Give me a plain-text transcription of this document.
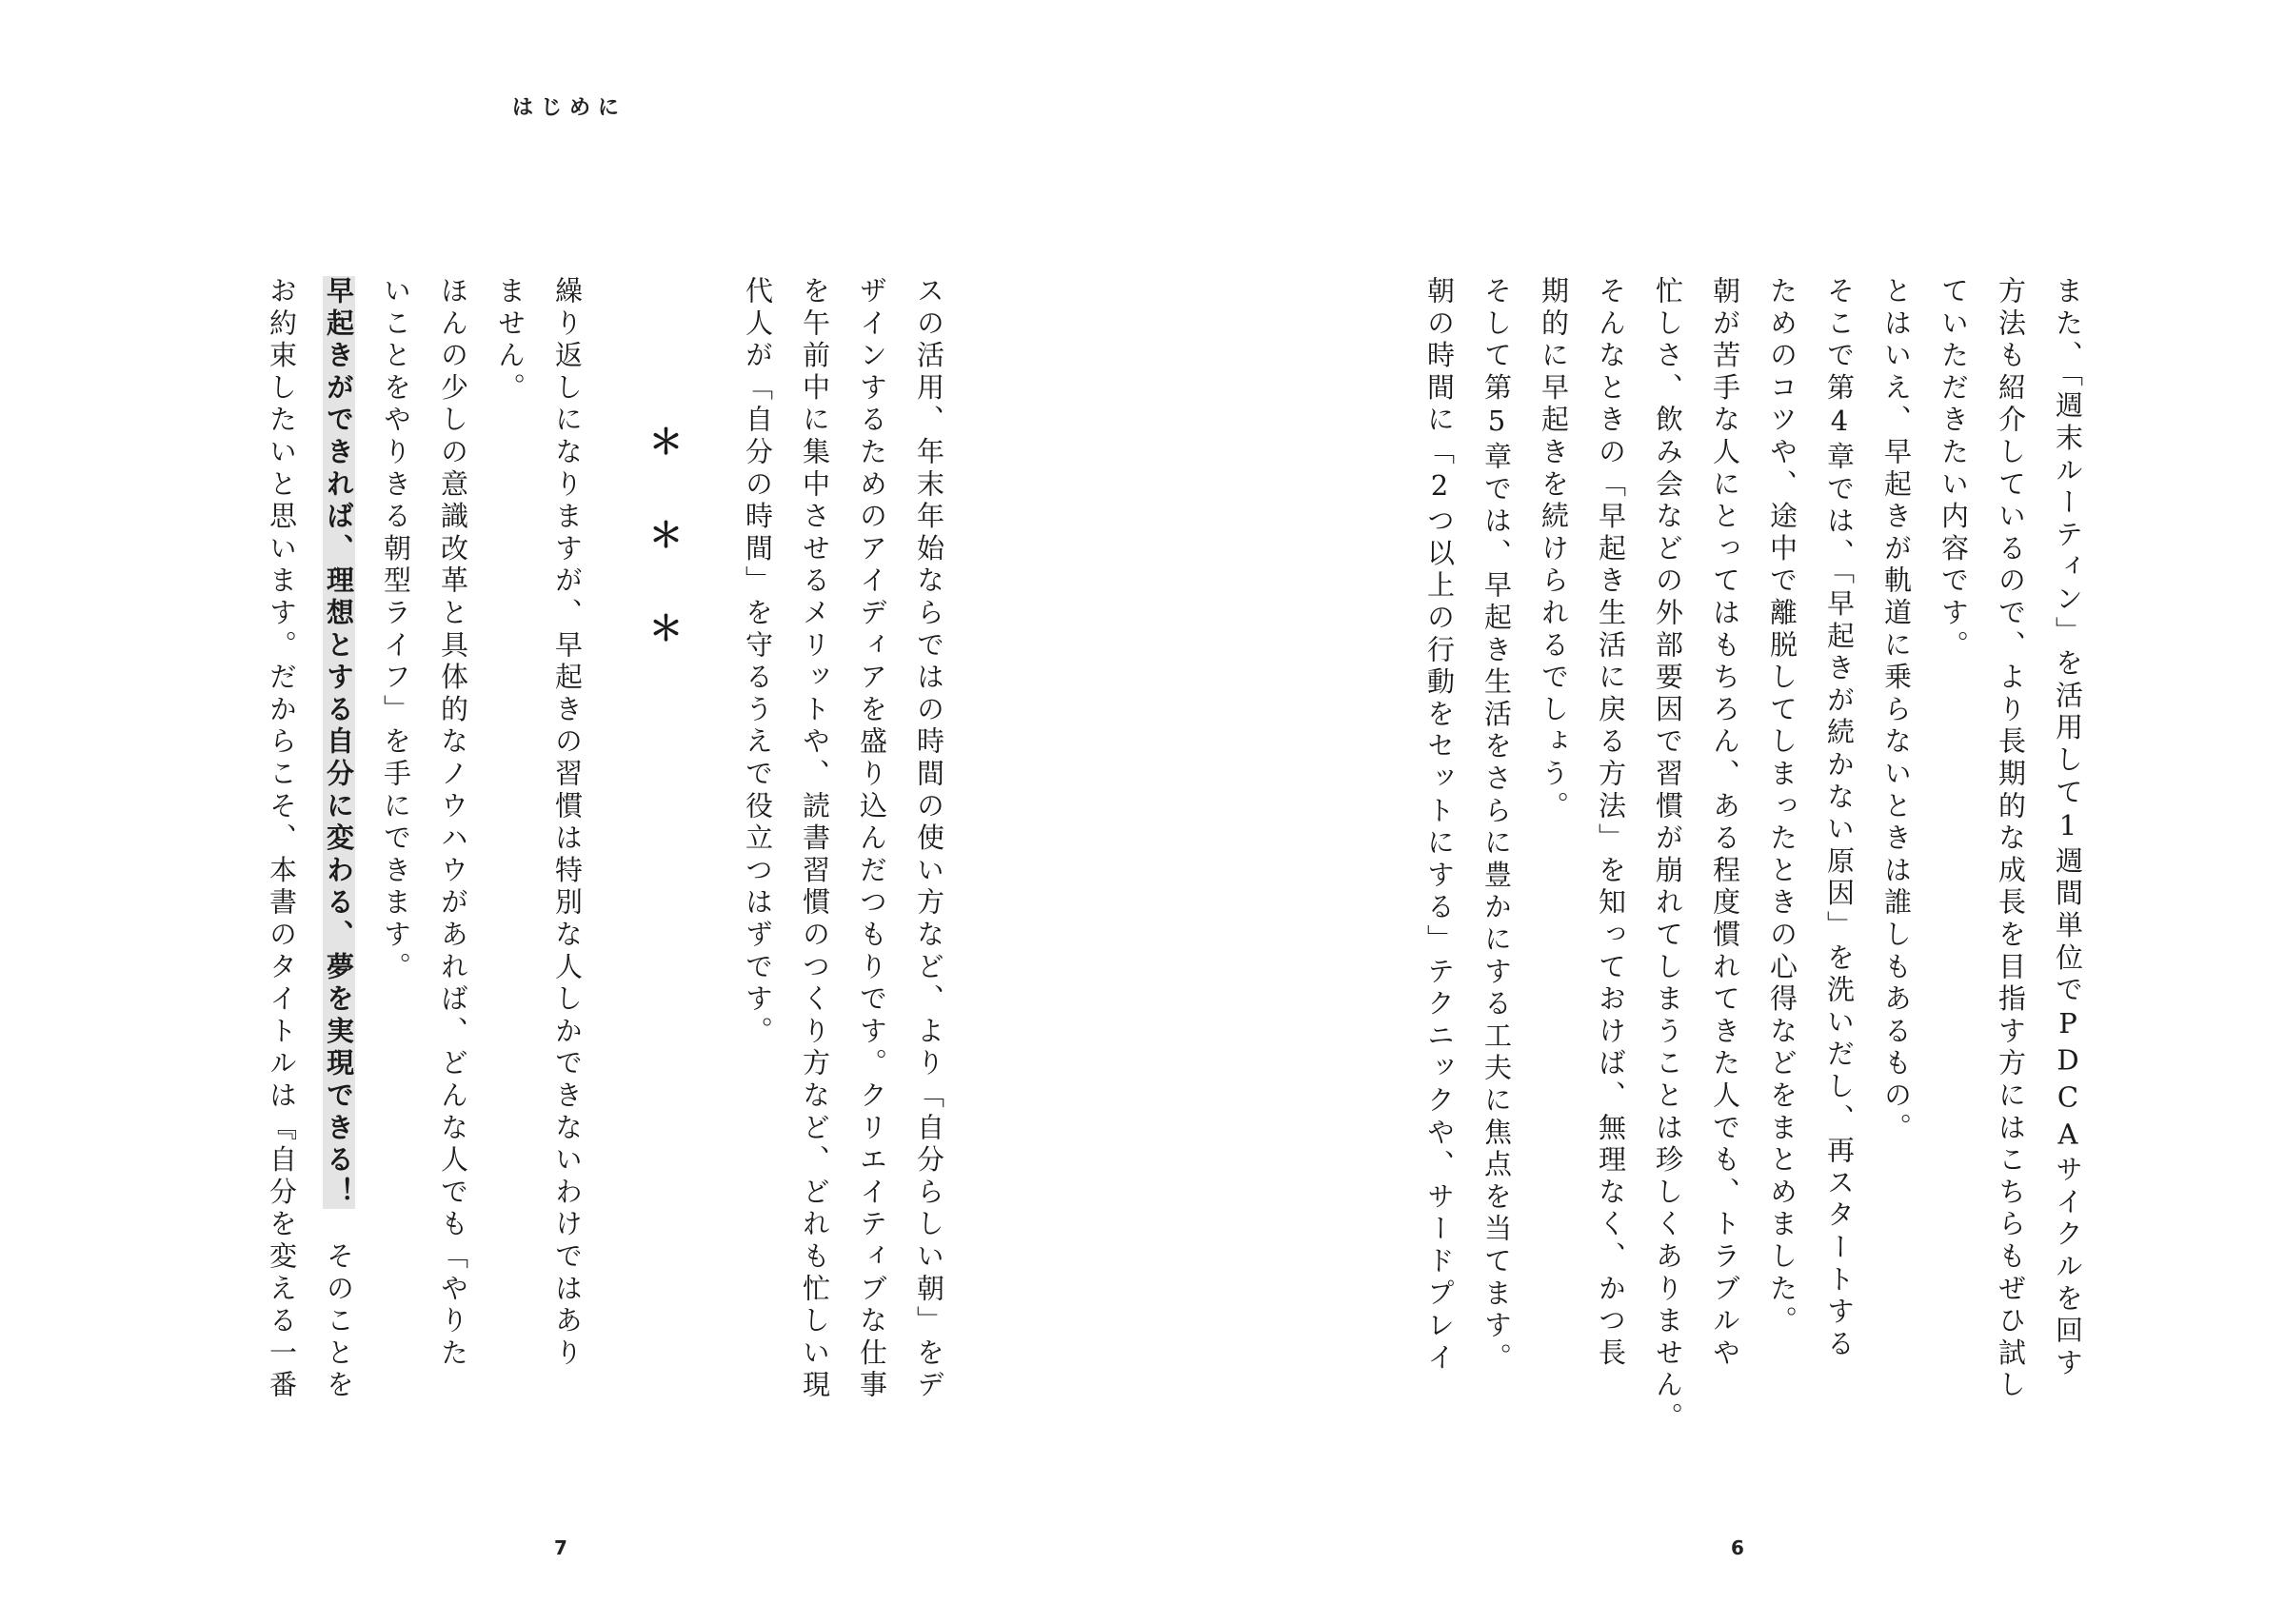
はじめに
また、「週末ルーティン」を活用して1週間単位でPDCAサイクルを回す
方法も紹介しているので、より長期的な成長を目指す方にはこちらもぜひ試し
ていただきたい内容です。
とはいえ、早起きが軌道に乗らないときは誰しもあるもの。
そこで第4章では、「早起きが続かない原因」を洗いだし、再スタートする
ためのコツや、途中で離脱してしまったときの心得などをまとめました。
朝が苦手な人にとってはもちろん、ある程度慣れてきた人でも、トラブルや
忙しさ、飲み会などの外部要因で習慣が崩れてしまうことは珍しくありません。
そんなときの「早起き生活に戻る方法」を知っておけば、無理なく、かつ長
期的に早起きを続けられるでしょう。
そして第5章では、早起き生活をさらに豊かにする工夫に焦点を当てます。
朝の時間に「2つ以上の行動をセットにする」テクニックや、サードプレイ
スの活用、年末年始ならではの時間の使い方など、より「自分らしい朝」をデ
ザインするためのアイディアを盛り込んだつもりです。クリエイティブな仕事
を午前中に集中させるメリットや、読書習慣のつくり方など、どれも忙しい現
代人が「自分の時間」を守るうえで役立つはずです。
＊＊＊
繰り返しになりますが、早起きの習慣は特別な人しかできないわけではあり
ません。
ほんの少しの意識改革と具体的なノウハウがあれば、どんな人でも「やりた
いことをやりきる朝型ライフ」を手にできます。
早起きができれば、理想とする自分に変わる、夢を実現できる！　そのことを
お約束したいと思います。だからこそ、本書のタイトルは『自分を変える一番
7	6
